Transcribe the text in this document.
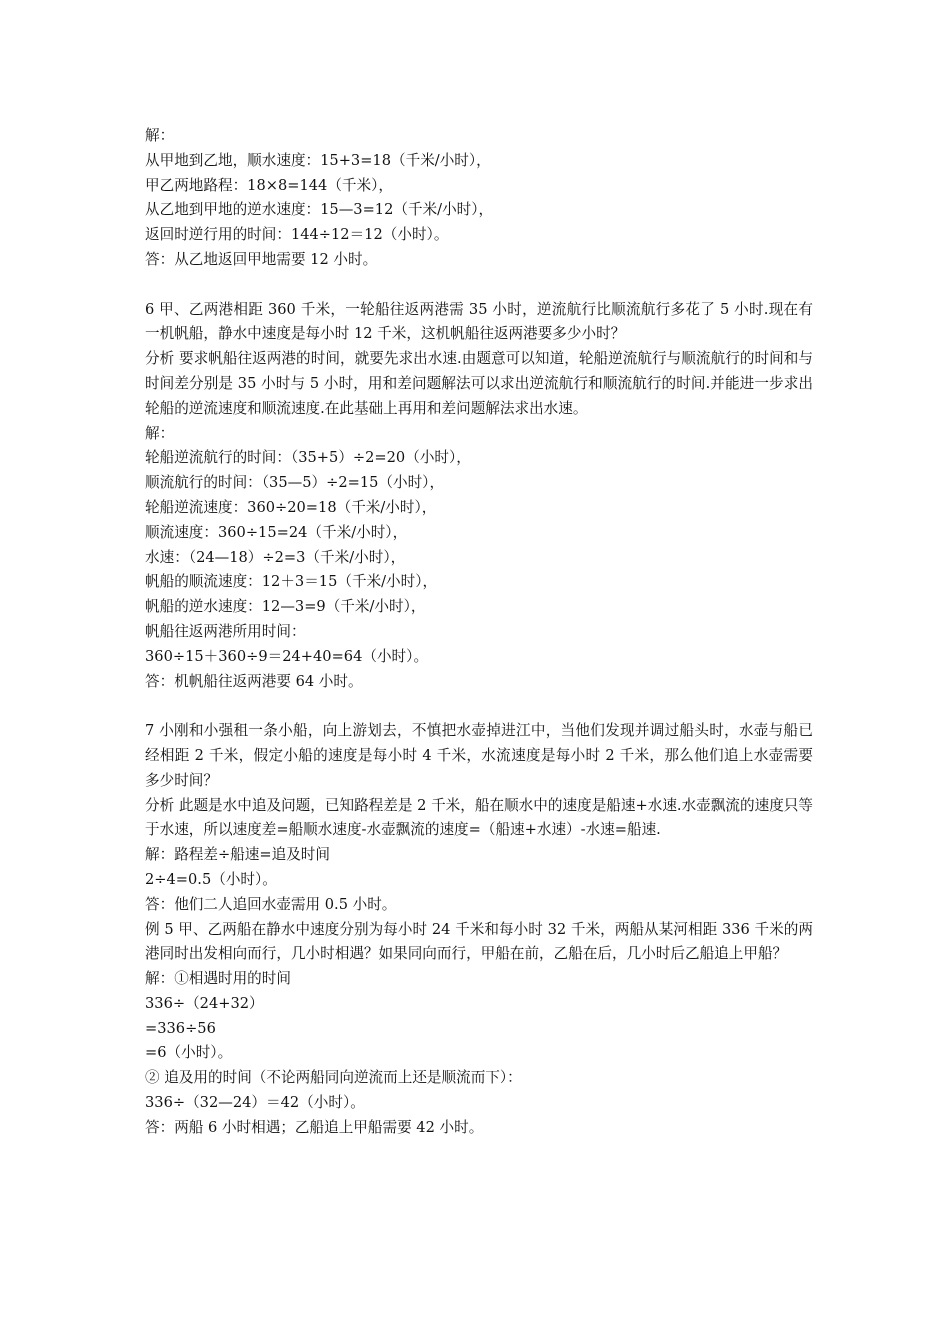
解：
从甲地到乙地，顺水速度：15+3=18（千米/小时），
甲乙两地路程：18×8=144（千米），
从乙地到甲地的逆水速度：15—3=12（千米/小时），
返回时逆行用的时间：144÷12＝12（小时）。
答：从乙地返回甲地需要 12 小时。

6 甲、乙两港相距 360 千米，一轮船往返两港需 35 小时，逆流航行比顺流航行多花了 5 小时.现在有一机帆船，静水中速度是每小时 12 千米，这机帆船往返两港要多少小时？

分析 要求帆船往返两港的时间，就要先求出水速.由题意可以知道，轮船逆流航行与顺流航行的时间和与时间差分别是 35 小时与 5 小时，用和差问题解法可以求出逆流航行和顺流航行的时间.并能进一步求出轮船的逆流速度和顺流速度.在此基础上再用和差问题解法求出水速。

解：
轮船逆流航行的时间：（35+5）÷2=20（小时），
顺流航行的时间：（35—5）÷2=15（小时），
轮船逆流速度：360÷20=18（千米/小时），
顺流速度：360÷15=24（千米/小时），
水速：（24—18）÷2=3（千米/小时），
帆船的顺流速度：12＋3＝15（千米/小时），
帆船的逆水速度：12—3=9（千米/小时），
帆船往返两港所用时间：
360÷15＋360÷9＝24+40=64（小时）。
答：机帆船往返两港要 64 小时。

7 小刚和小强租一条小船，向上游划去，不慎把水壶掉进江中，当他们发现并调过船头时，水壶与船已经相距 2 千米，假定小船的速度是每小时 4 千米，水流速度是每小时 2 千米，那么他们追上水壶需要多少时间？

分析 此题是水中追及问题，已知路程差是 2 千米，船在顺水中的速度是船速+水速.水壶飘流的速度只等于水速，所以速度差=船顺水速度-水壶飘流的速度=（船速+水速）-水速=船速.

解：路程差÷船速=追及时间
2÷4=0.5（小时）。
答：他们二人追回水壶需用 0.5 小时。

例 5 甲、乙两船在静水中速度分别为每小时 24 千米和每小时 32 千米，两船从某河相距 336 千米的两港同时出发相向而行，几小时相遇？如果同向而行，甲船在前，乙船在后，几小时后乙船追上甲船？

解：①相遇时用的时间
336÷（24+32）
=336÷56
=6（小时）。
② 追及用的时间（不论两船同向逆流而上还是顺流而下）：
336÷（32—24）＝42（小时）。
答：两船 6 小时相遇；乙船追上甲船需要 42 小时。
